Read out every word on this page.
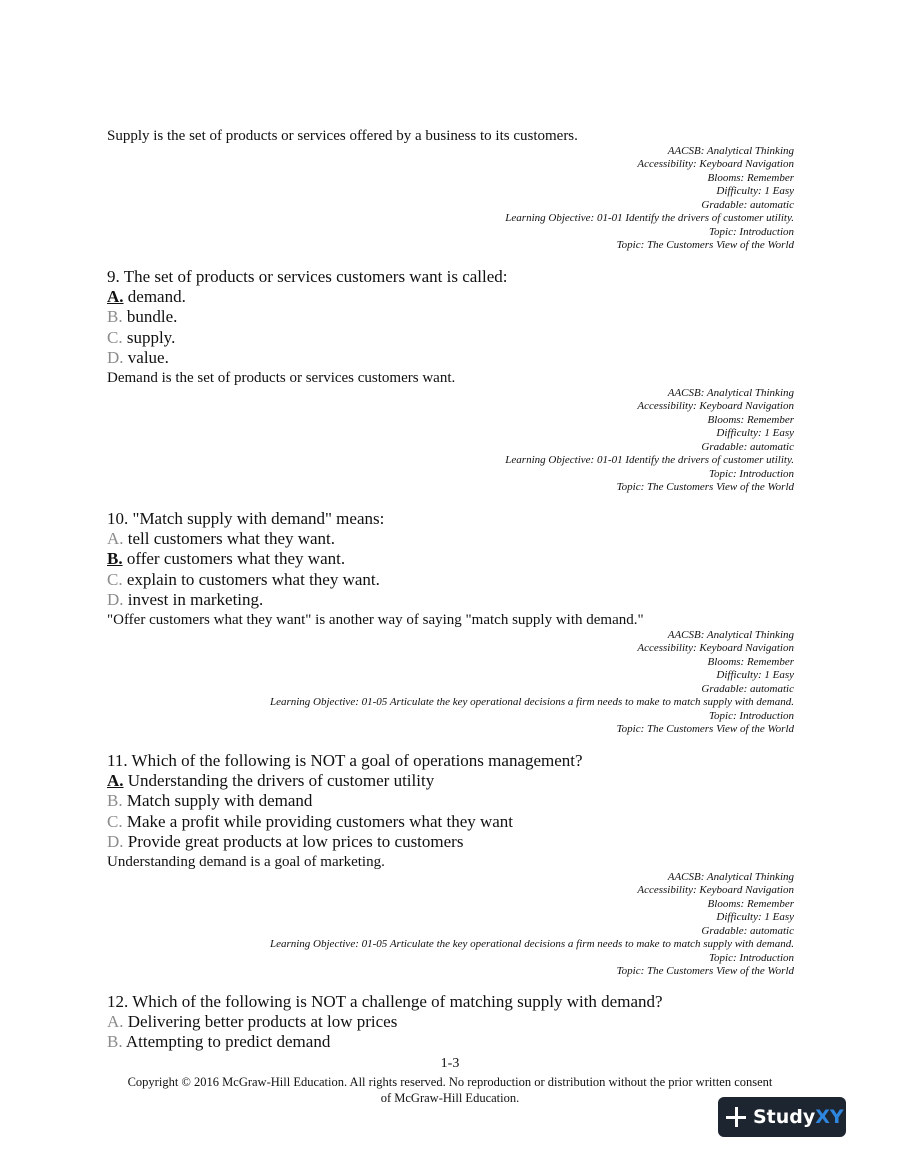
Supply is the set of products or services offered by a business to its customers.
AACSB: Analytical Thinking
Accessibility: Keyboard Navigation
Blooms: Remember
Difficulty: 1 Easy
Gradable: automatic
Learning Objective: 01-01 Identify the drivers of customer utility.
Topic: Introduction
Topic: The Customers View of the World
9. The set of products or services customers want is called:
A. demand.
B. bundle.
C. supply.
D. value.
Demand is the set of products or services customers want.
AACSB: Analytical Thinking
Accessibility: Keyboard Navigation
Blooms: Remember
Difficulty: 1 Easy
Gradable: automatic
Learning Objective: 01-01 Identify the drivers of customer utility.
Topic: Introduction
Topic: The Customers View of the World
10. "Match supply with demand" means:
A. tell customers what they want.
B. offer customers what they want.
C. explain to customers what they want.
D. invest in marketing.
"Offer customers what they want" is another way of saying "match supply with demand."
AACSB: Analytical Thinking
Accessibility: Keyboard Navigation
Blooms: Remember
Difficulty: 1 Easy
Gradable: automatic
Learning Objective: 01-05 Articulate the key operational decisions a firm needs to make to match supply with demand.
Topic: Introduction
Topic: The Customers View of the World
11. Which of the following is NOT a goal of operations management?
A. Understanding the drivers of customer utility
B. Match supply with demand
C. Make a profit while providing customers what they want
D. Provide great products at low prices to customers
Understanding demand is a goal of marketing.
AACSB: Analytical Thinking
Accessibility: Keyboard Navigation
Blooms: Remember
Difficulty: 1 Easy
Gradable: automatic
Learning Objective: 01-05 Articulate the key operational decisions a firm needs to make to match supply with demand.
Topic: Introduction
Topic: The Customers View of the World
12. Which of the following is NOT a challenge of matching supply with demand?
A. Delivering better products at low prices
B. Attempting to predict demand
1-3
Copyright © 2016 McGraw-Hill Education. All rights reserved. No reproduction or distribution without the prior written consent
of McGraw-Hill Education.
Study XY
